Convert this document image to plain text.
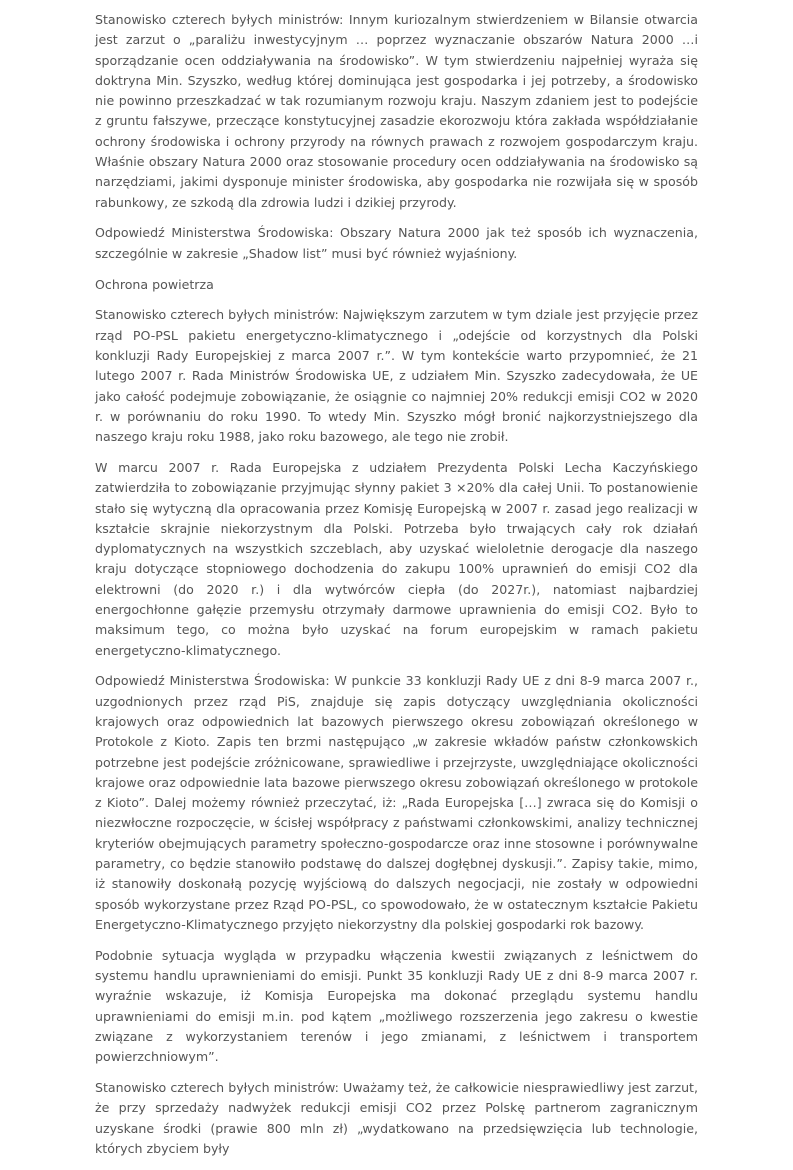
Stanowisko czterech byłych ministrów: Innym kuriozalnym stwierdzeniem w Bilansie otwarcia jest zarzut o „paraliżu inwestycyjnym … poprzez wyznaczanie obszarów Natura 2000 …i sporządzanie ocen oddziaływania na środowisko”. W tym stwierdzeniu najpełniej wyraża się doktryna Min. Szyszko, według której dominująca jest gospodarka i jej potrzeby, a środowisko nie powinno przeszkadzać w tak rozumianym rozwoju kraju. Naszym zdaniem jest to podejście z gruntu fałszywe, przeczące konstytucyjnej zasadzie ekorozwoju która zakłada współdziałanie ochrony środowiska i ochrony przyrody na równych prawach z rozwojem gospodarczym kraju. Właśnie obszary Natura 2000 oraz stosowanie procedury ocen oddziaływania na środowisko są narzędziami, jakimi dysponuje minister środowiska, aby gospodarka nie rozwijała się w sposób rabunkowy, ze szkodą dla zdrowia ludzi i dzikiej przyrody.

Odpowiedź Ministerstwa Środowiska: Obszary Natura 2000 jak też sposób ich wyznaczenia, szczególnie w zakresie „Shadow list” musi być również wyjaśniony.

Ochrona powietrza

Stanowisko czterech byłych ministrów: Największym zarzutem w tym dziale jest przyjęcie przez rząd PO-PSL pakietu energetyczno-klimatycznego i „odejście od korzystnych dla Polski konkluzji Rady Europejskiej z marca 2007 r.”. W tym kontekście warto przypomnieć, że 21 lutego 2007 r. Rada Ministrów Środowiska UE, z udziałem Min. Szyszko zadecydowała, że UE jako całość podejmuje zobowiązanie, że osiągnie co najmniej 20% redukcji emisji CO2 w 2020 r. w porównaniu do roku 1990. To wtedy Min. Szyszko mógł bronić najkorzystniejszego dla naszego kraju roku 1988, jako roku bazowego, ale tego nie zrobił.

W marcu 2007 r. Rada Europejska z udziałem Prezydenta Polski Lecha Kaczyńskiego zatwierdziła to zobowiązanie przyjmując słynny pakiet 3 ×20% dla całej Unii. To postanowienie stało się wytyczną dla opracowania przez Komisję Europejską w 2007 r. zasad jego realizacji w kształcie skrajnie niekorzystnym dla Polski. Potrzeba było trwających cały rok działań dyplomatycznych na wszystkich szczeblach, aby uzyskać wieloletnie derogacje dla naszego kraju dotyczące stopniowego dochodzenia do zakupu 100% uprawnień do emisji CO2 dla elektrowni (do 2020 r.) i dla wytwórców ciepła (do 2027r.), natomiast najbardziej energochłonne gałęzie przemysłu otrzymały darmowe uprawnienia do emisji CO2. Było to maksimum tego, co można było uzyskać na forum europejskim w ramach pakietu energetyczno-klimatycznego.

Odpowiedź Ministerstwa Środowiska: W punkcie 33 konkluzji Rady UE z dni 8-9 marca 2007 r., uzgodnionych przez rząd PiS, znajduje się zapis dotyczący uwzględniania okoliczności krajowych oraz odpowiednich lat bazowych pierwszego okresu zobowiązań określonego w Protokole z Kioto. Zapis ten brzmi następująco „w zakresie wkładów państw członkowskich potrzebne jest podejście zróżnicowane, sprawiedliwe i przejrzyste, uwzględniające okoliczności krajowe oraz odpowiednie lata bazowe pierwszego okresu zobowiązań określonego w protokole z Kioto”. Dalej możemy również przeczytać, iż: „Rada Europejska […] zwraca się do Komisji o niezwłoczne rozpoczęcie, w ścisłej współpracy z państwami członkowskimi, analizy technicznej kryteriów obejmujących parametry społeczno-gospodarcze oraz inne stosowne i porównywalne parametry, co będzie stanowiło podstawę do dalszej dogłębnej dyskusji.”. Zapisy takie, mimo, iż stanowiły doskonałą pozycję wyjściową do dalszych negocjacji, nie zostały w odpowiedni sposób wykorzystane przez Rząd PO-PSL, co spowodowało, że w ostatecznym kształcie Pakietu Energetyczno-Klimatycznego przyjęto niekorzystny dla polskiej gospodarki rok bazowy.

Podobnie sytuacja wygląda w przypadku włączenia kwestii związanych z leśnictwem do systemu handlu uprawnieniami do emisji. Punkt 35 konkluzji Rady UE z dni 8-9 marca 2007 r. wyraźnie wskazuje, iż Komisja Europejska ma dokonać przeglądu systemu handlu uprawnieniami do emisji m.in. pod kątem „możliwego rozszerzenia jego zakresu o kwestie związane z wykorzystaniem terenów i jego zmianami, z leśnictwem i transportem powierzchniowym”.

Stanowisko czterech byłych ministrów: Uważamy też, że całkowicie niesprawiedliwy jest zarzut, że przy sprzedaży nadwyżek redukcji emisji CO2 przez Polskę partnerom zagranicznym uzyskane środki (prawie 800 mln zł) „wydatkowano na przedsięwzięcia lub technologie, których zbyciem były
